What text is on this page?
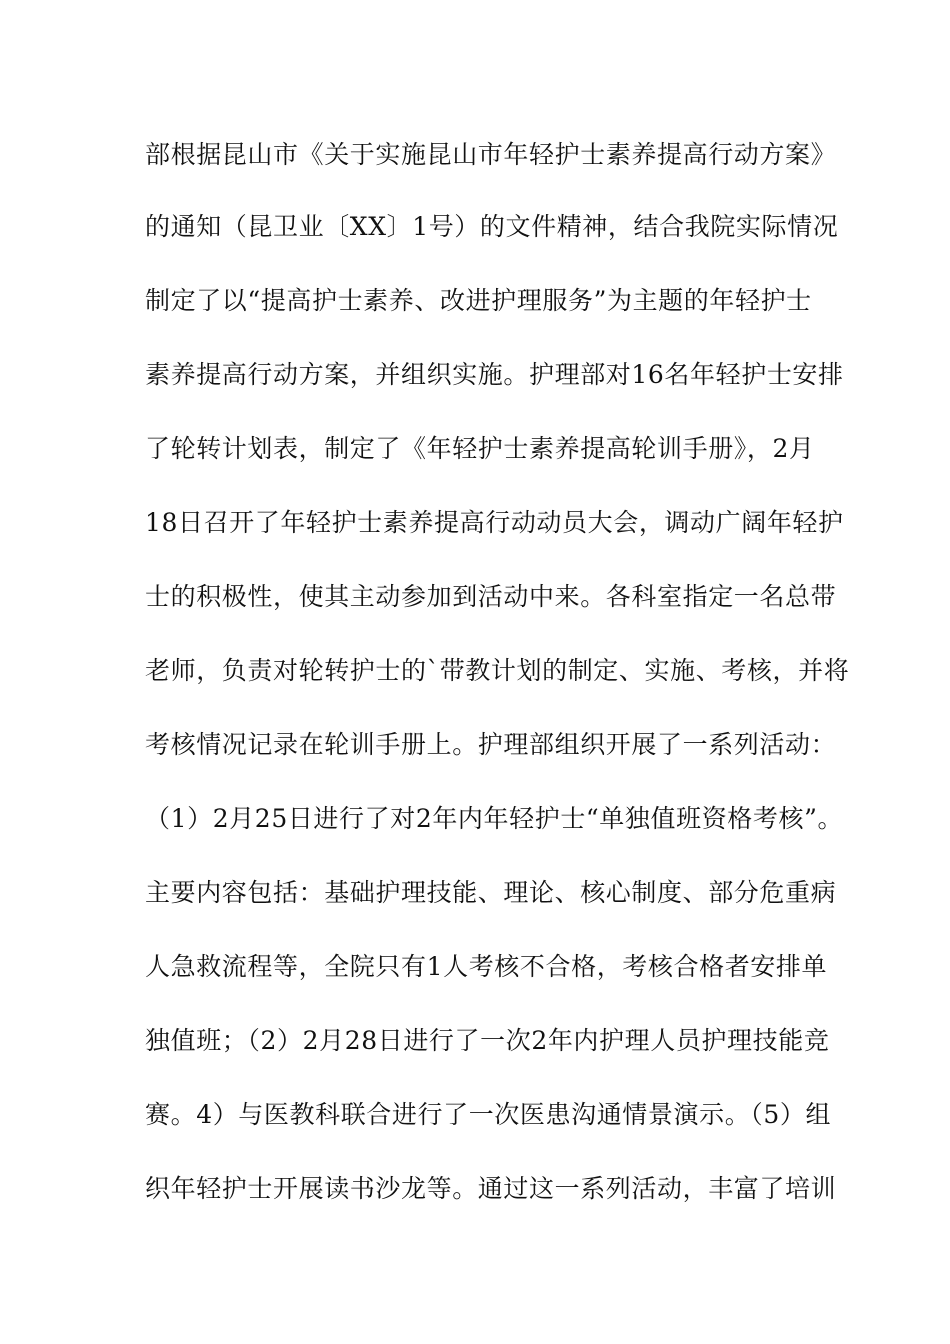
部根据昆山市《关于实施昆山市年轻护士素养提高行动方案》
的通知（昆卫业〔XX〕1号）的文件精神，结合我院实际情况
制定了以“提高护士素养、改进护理服务”为主题的年轻护士
素养提高行动方案，并组织实施。护理部对16名年轻护士安排
了轮转计划表，制定了《年轻护士素养提高轮训手册》，2月
18日召开了年轻护士素养提高行动动员大会，调动广阔年轻护
士的积极性，使其主动参加到活动中来。各科室指定一名总带
老师，负责对轮转护士的`带教计划的制定、实施、考核，并将
考核情况记录在轮训手册上。护理部组织开展了一系列活动：
（1）2月25日进行了对2年内年轻护士“单独值班资格考核”。
主要内容包括：基础护理技能、理论、核心制度、部分危重病
人急救流程等，全院只有1人考核不合格，考核合格者安排单
独值班；（2）2月28日进行了一次2年内护理人员护理技能竞
赛。4）与医教科联合进行了一次医患沟通情景演示。（5）组
织年轻护士开展读书沙龙等。通过这一系列活动，丰富了培训
